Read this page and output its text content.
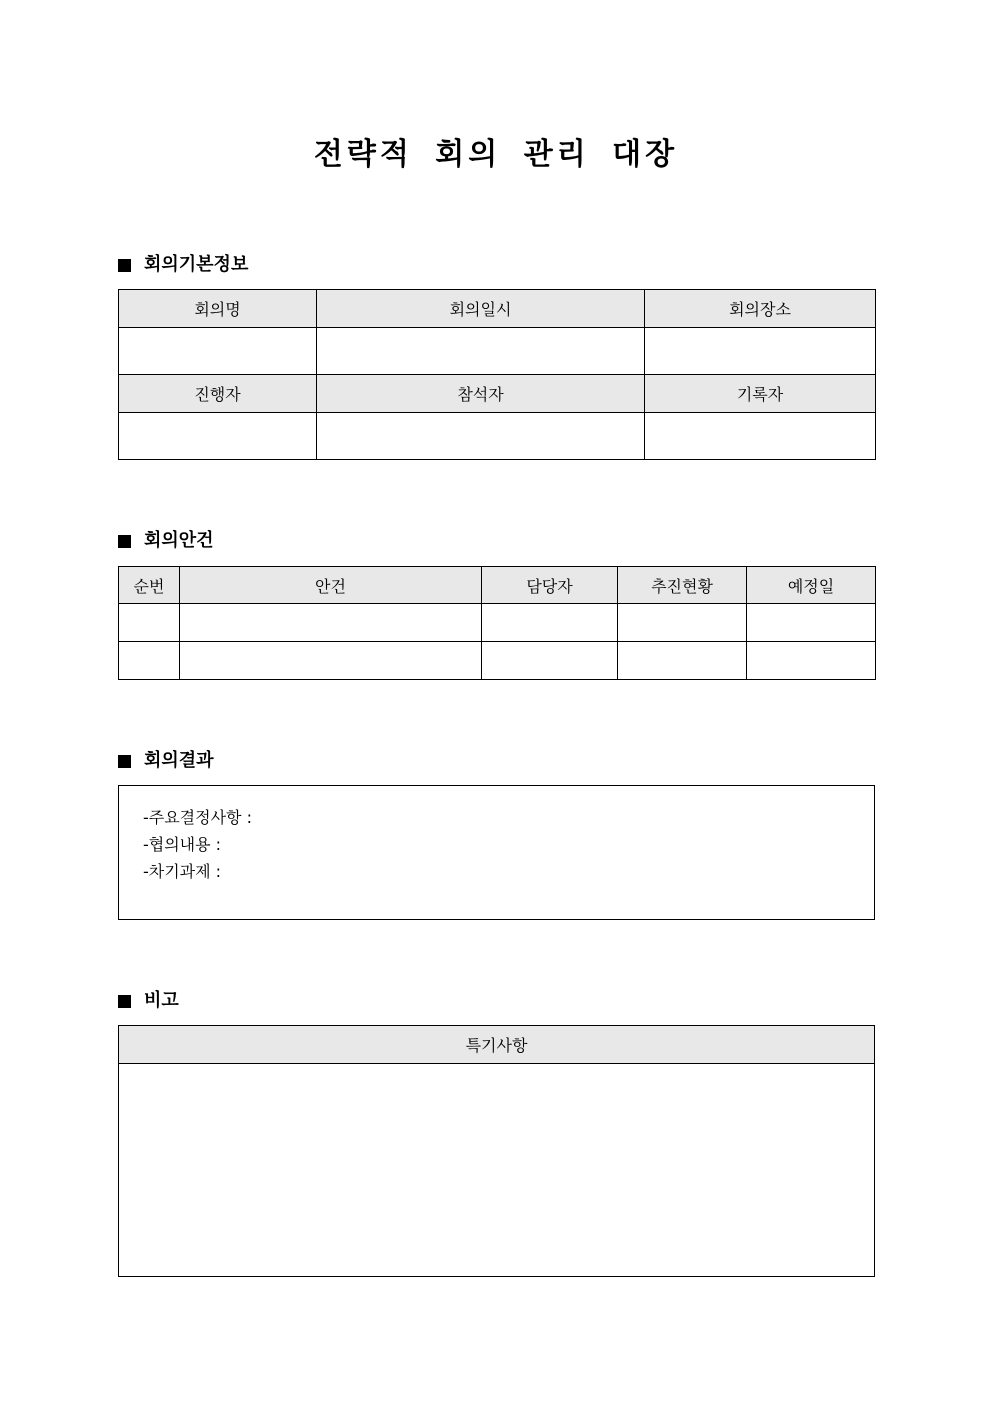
전략적 회의 관리 대장
회의기본정보
회의명	회의일시	회의장소

진행자	참석자	기록자

회의안건
순번	안건	담당자	추진현황	예정일

회의결과
-주요결정사항 :
-협의내용 :
-차기과제 :
비고
특기사항
